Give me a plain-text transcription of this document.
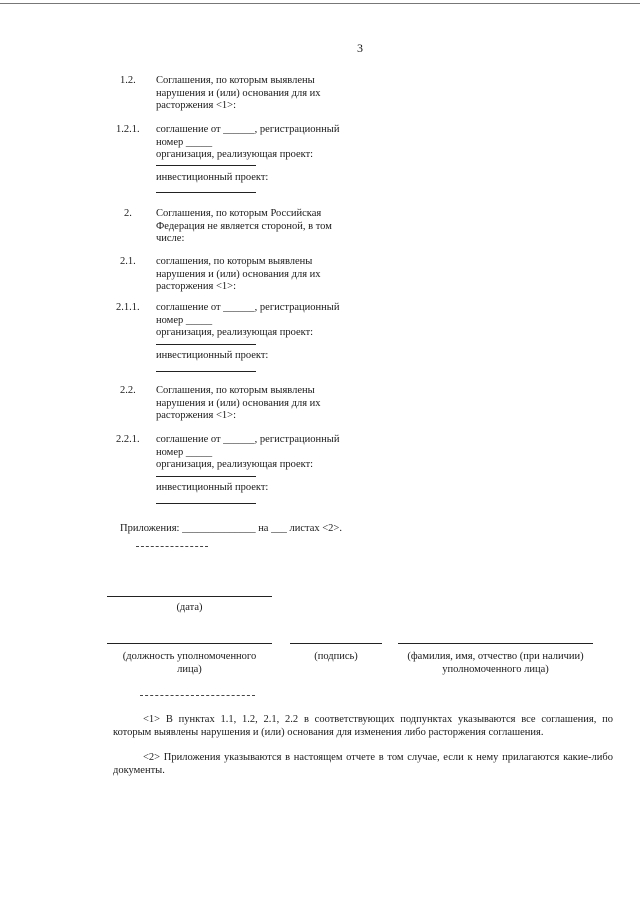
3
1.2. Соглашения, по которым выявлены
нарушения и (или) основания для их
расторжения <1>:
1.2.1. соглашение от ______, регистрационный
номер _____
организация, реализующая проект:
инвестиционный проект:
2. Соглашения, по которым Российская
Федерация не является стороной, в том
числе:
2.1. соглашения, по которым выявлены
нарушения и (или) основания для их
расторжения <1>:
2.1.1. соглашение от ______, регистрационный
номер _____
организация, реализующая проект:
инвестиционный проект:
2.2. Соглашения, по которым выявлены
нарушения и (или) основания для их
расторжения <1>:
2.2.1. соглашение от ______, регистрационный
номер _____
организация, реализующая проект:
инвестиционный проект:
Приложения: ______________ на ___ листах <2>.
(дата)
(должность уполномоченного
лица)
(подпись)	(фамилия, имя, отчество (при наличии)
уполномоченного лица)
<1> В пунктах 1.1, 1.2, 2.1, 2.2 в соответствующих подпунктах указываются все соглашения, по которым выявлены нарушения и (или) основания для изменения либо расторжения соглашения.
<2> Приложения указываются в настоящем отчете в том случае, если к нему прилагаются какие-либо документы.
